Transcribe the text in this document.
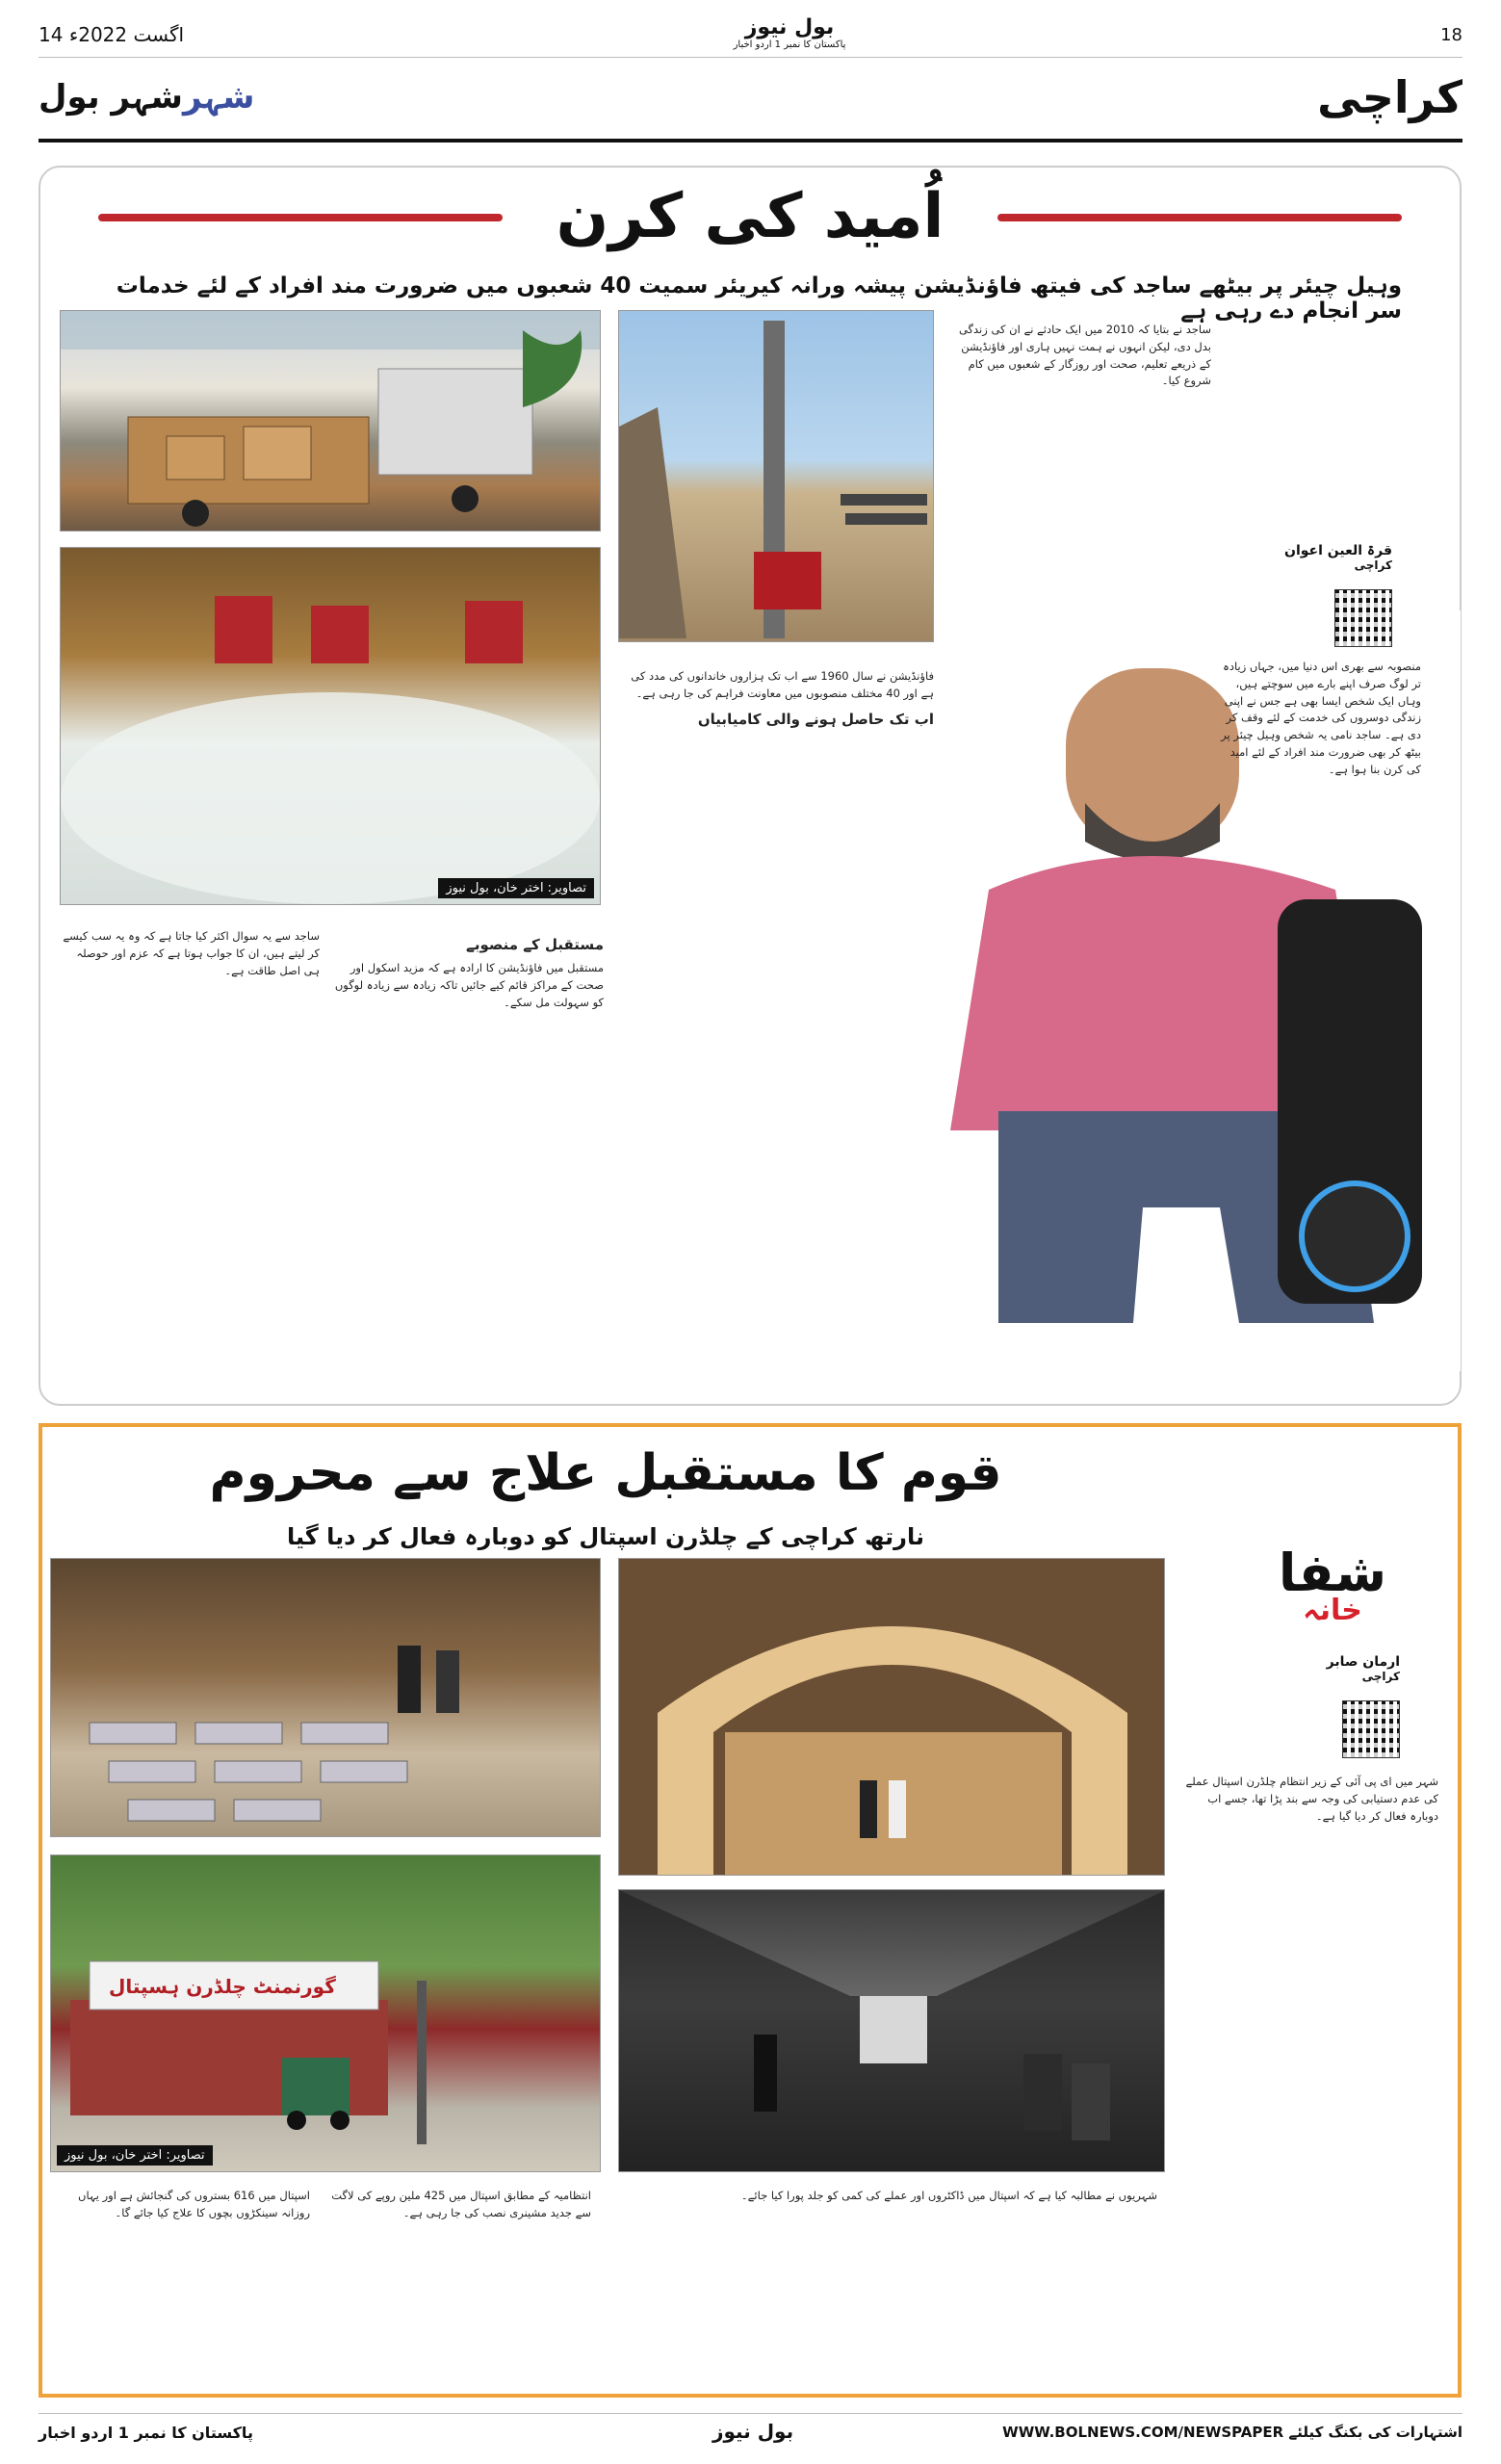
14 اگست 2022ء	بول نیوز
پاکستان کا نمبر 1 اردو اخبار	18
شہرشہر بول	کراچی
اُمید کی کرن
وہیل چیئر پر بیٹھے ساجد کی فیتھ فاؤنڈیشن پیشہ ورانہ کیریئر سمیت 40 شعبوں میں ضرورت مند افراد کے لئے خدمات سر انجام دے رہی ہے
تصاویر: اختر خان، بول نیوز
قرۃ العین اعوان
کراچی
منصوبہ سے بھری اس دنیا میں، جہاں زیادہ تر لوگ صرف اپنے بارے میں سوچتے ہیں، وہاں ایک شخص ایسا بھی ہے جس نے اپنی زندگی دوسروں کی خدمت کے لئے وقف کر دی ہے۔ ساجد نامی یہ شخص وہیل چیئر پر بیٹھ کر بھی ضرورت مند افراد کے لئے امید کی کرن بنا ہوا ہے۔
ساجد نے بتایا کہ 2010 میں ایک حادثے نے ان کی زندگی بدل دی، لیکن انہوں نے ہمت نہیں ہاری اور فاؤنڈیشن کے ذریعے تعلیم، صحت اور روزگار کے شعبوں میں کام شروع کیا۔
فاؤنڈیشن نے سال 1960 سے اب تک ہزاروں خاندانوں کی مدد کی ہے اور 40 مختلف منصوبوں میں معاونت فراہم کی جا رہی ہے۔
اب تک حاصل ہونے والی کامیابیاں
ساجد سے یہ سوال اکثر کیا جاتا ہے کہ وہ یہ سب کیسے کر لیتے ہیں، ان کا جواب ہوتا ہے کہ عزم اور حوصلہ ہی اصل طاقت ہے۔
مستقبل کے منصوبے
مستقبل میں فاؤنڈیشن کا ارادہ ہے کہ مزید اسکول اور صحت کے مراکز قائم کیے جائیں تاکہ زیادہ سے زیادہ لوگوں کو سہولت مل سکے۔
قوم کا مستقبل علاج سے محروم
نارتھ کراچی کے چلڈرن اسپتال کو دوبارہ فعال کر دیا گیا
شفا
خانہ
گورنمنٹ چلڈرن ہسپتال
تصاویر: اختر خان، بول نیوز
ارمان صابر
کراچی
شہر میں ای پی آئی کے زیر انتظام چلڈرن اسپتال عملے کی عدم دستیابی کی وجہ سے بند پڑا تھا، جسے اب دوبارہ فعال کر دیا گیا ہے۔
اسپتال میں 616 بستروں کی گنجائش ہے اور یہاں روزانہ سینکڑوں بچوں کا علاج کیا جائے گا۔
انتظامیہ کے مطابق اسپتال میں 425 ملین روپے کی لاگت سے جدید مشینری نصب کی جا رہی ہے۔
شہریوں نے مطالبہ کیا ہے کہ اسپتال میں ڈاکٹروں اور عملے کی کمی کو جلد پورا کیا جائے۔
پاکستان کا نمبر 1 اردو اخبار	بول نیوز	WWW.BOLNEWS.COM/NEWSPAPER اشتہارات کی بکنگ کیلئے
